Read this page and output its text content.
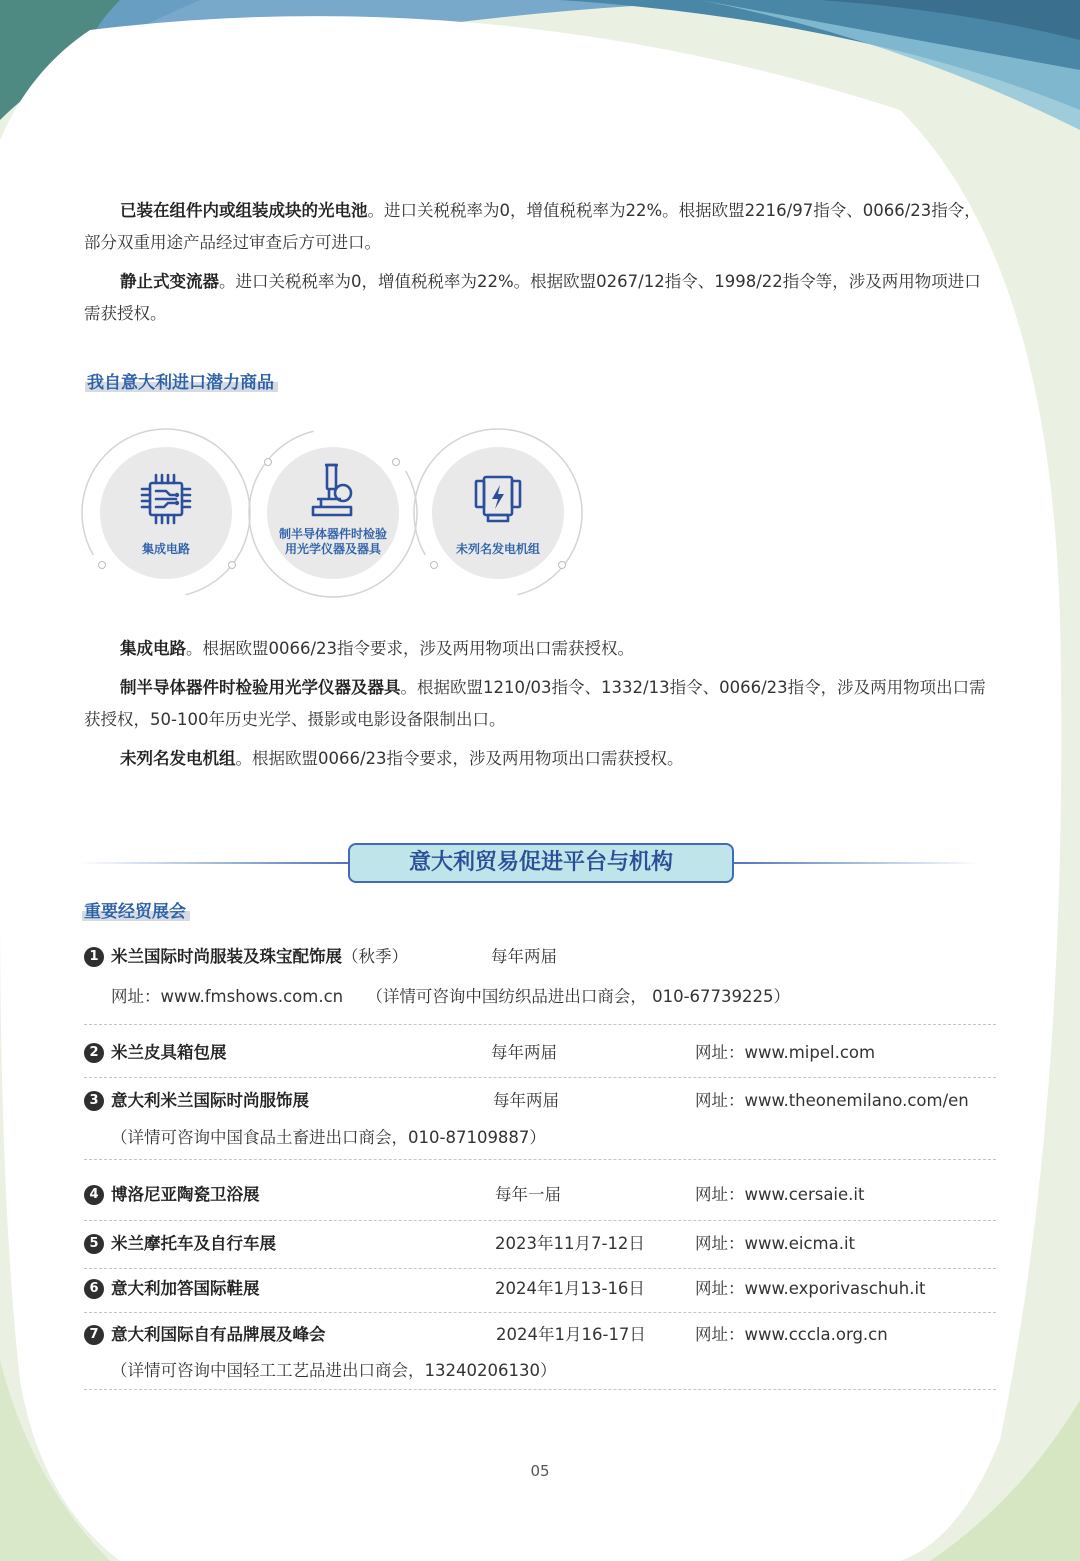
已装在组件内或组装成块的光电池。进口关税税率为0，增值税税率为22%。根据欧盟2216/97指令、0066/23指令，部分双重用途产品经过审查后方可进口。

静止式变流器。进口关税税率为0，增值税税率为22%。根据欧盟0267/12指令、1998/22指令等，涉及两用物项进口需获授权。

我自意大利进口潜力商品
集成电路
制半导体器件时检验用光学仪器及器具	未列名发电机组

集成电路。根据欧盟0066/23指令要求，涉及两用物项出口需获授权。

制半导体器件时检验用光学仪器及器具。根据欧盟1210/03指令、1332/13指令、0066/23指令，涉及两用物项出口需获授权，50-100年历史光学、摄影或电影设备限制出口。

未列名发电机组。根据欧盟0066/23指令要求，涉及两用物项出口需获授权。

意大利贸易促进平台与机构
重要经贸展会
1 米兰国际时尚服装及珠宝配饰展（秋季）	每年两届
网址：www.fmshows.com.cn （详情可咨询中国纺织品进出口商会， 010-67739225）
2 米兰皮具箱包展	每年两届	网址：www.mipel.com
3 意大利米兰国际时尚服饰展	每年两届	网址：www.theonemilano.com/en
（详情可咨询中国食品土畜进出口商会，010-87109887）
4 博洛尼亚陶瓷卫浴展	每年一届	网址：www.cersaie.it
5 米兰摩托车及自行车展	2023年11月7-12日	网址：www.eicma.it
6 意大利加答国际鞋展	2024年1月13-16日	网址：www.exporivaschuh.it
7 意大利国际自有品牌展及峰会	2024年1月16-17日	网址：www.cccla.org.cn
（详情可咨询中国轻工工艺品进出口商会，13240206130）
05
